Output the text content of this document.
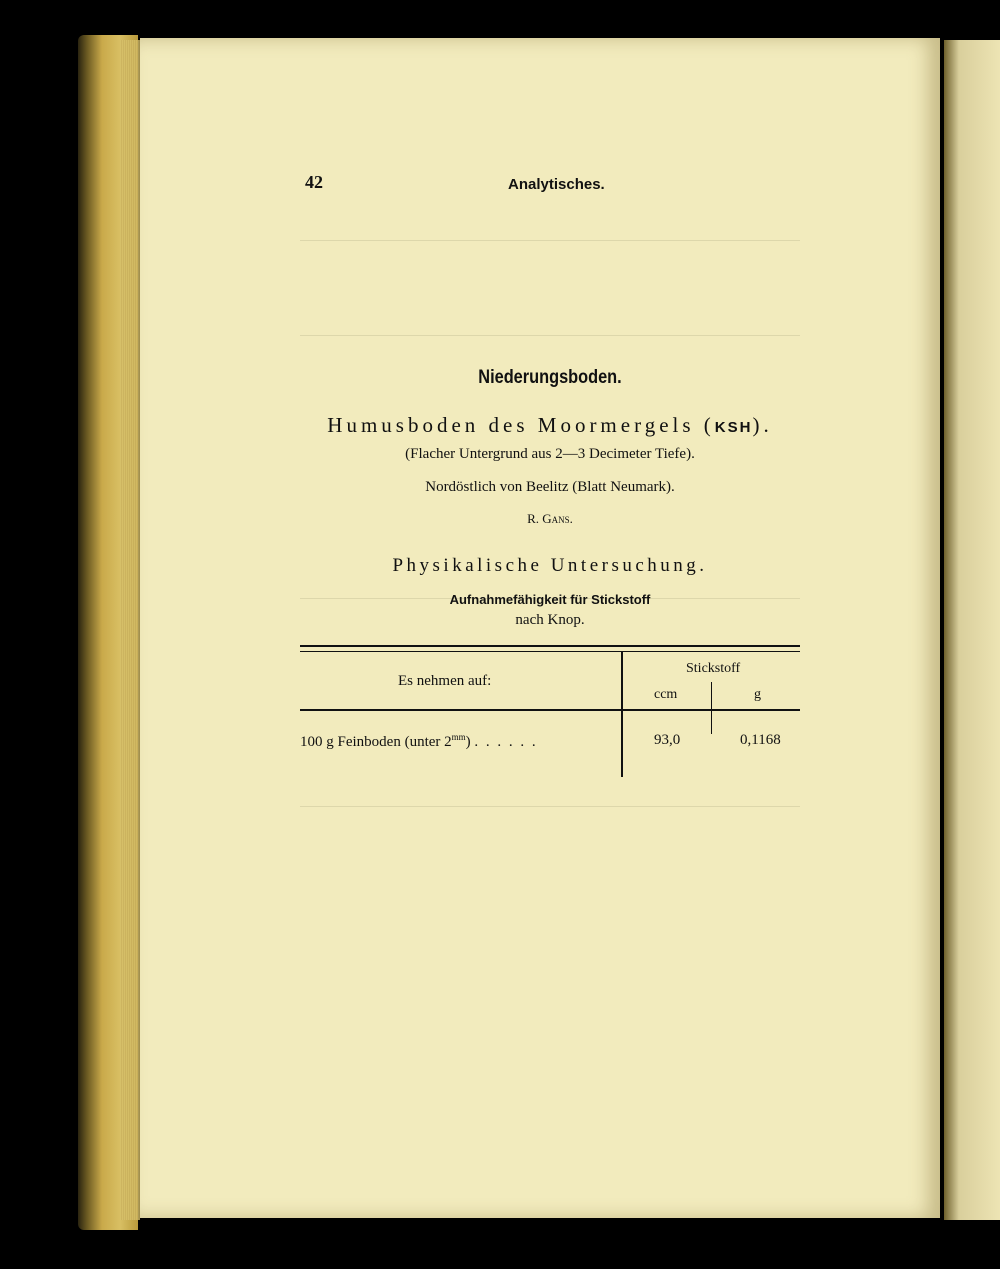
42	Analytisches.
Niederungsboden.
Humusboden des Moormergels (KSH).
(Flacher Untergrund aus 2—3 Decimeter Tiefe).
Nordöstlich von Beelitz (Blatt Neumark).
R. Gans.
Physikalische Untersuchung.
Aufnahmefähigkeit für Stickstoff
nach Knop.
Es nehmen auf:
Stickstoff
ccm	g
100 g Feinboden (unter $2^{mm}$) . . . . . .	93,0	0,1168
